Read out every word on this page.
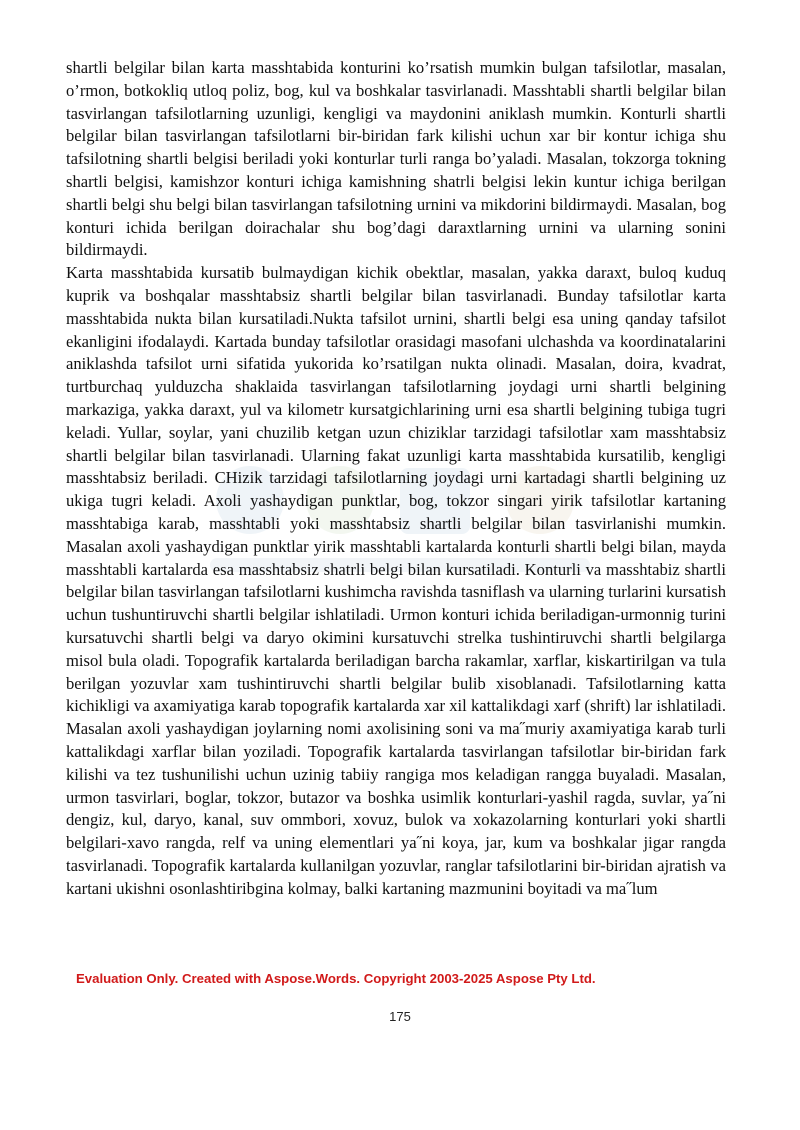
shartli belgilar bilan karta masshtabida konturini ko’rsatish mumkin bulgan tafsilotlar, masalan, o’rmon, botkokliq utloq poliz, bog, kul va boshkalar tasvirlanadi. Masshtabli shartli belgilar bilan tasvirlangan tafsilotlarning uzunligi, kengligi va maydonini aniklash mumkin. Konturli shartli belgilar bilan tasvirlangan tafsilotlarni bir-biridan fark kilishi uchun xar bir kontur ichiga shu tafsilotning shartli belgisi beriladi yoki konturlar turli ranga bo’yaladi. Masalan, tokzorga tokning shartli belgisi, kamishzor konturi ichiga kamishning shatrli belgisi lekin kuntur ichiga berilgan shartli belgi shu belgi bilan tasvirlangan tafsilotning urnini va mikdorini bildirmaydi. Masalan, bog konturi ichida berilgan doirachalar shu bog’dagi daraxtlarning urnini va ularning sonini bildirmaydi.

Karta masshtabida kursatib bulmaydigan kichik obektlar, masalan, yakka daraxt, buloq kuduq kuprik va boshqalar masshtabsiz shartli belgilar bilan tasvirlanadi. Bunday tafsilotlar karta masshtabida nukta bilan kursatiladi.Nukta tafsilot urnini, shartli belgi esa uning qanday tafsilot ekanligini ifodalaydi. Kartada bunday tafsilotlar orasidagi masofani ulchashda va koordinatalarini aniklashda tafsilot urni sifatida yukorida ko’rsatilgan nukta olinadi. Masalan, doira, kvadrat, turtburchaq yulduzcha shaklaida tasvirlangan tafsilotlarning joydagi urni shartli belgining markaziga, yakka daraxt, yul va kilometr kursatgichlarining urni esa shartli belgining tubiga tugri keladi. Yullar, soylar, yani chuzilib ketgan uzun chiziklar tarzidagi tafsilotlar xam masshtabsiz shartli belgilar bilan tasvirlanadi. Ularning fakat uzunligi karta masshtabida kursatilib, kengligi masshtabsiz beriladi. CHizik tarzidagi tafsilotlarning joydagi urni kartadagi shartli belgining uz ukiga tugri keladi. Axoli yashaydigan punktlar, bog, tokzor singari yirik tafsilotlar kartaning masshtabiga karab, masshtabli yoki masshtabsiz shartli belgilar bilan tasvirlanishi mumkin. Masalan axoli yashaydigan punktlar yirik masshtabli kartalarda konturli shartli belgi bilan, mayda masshtabli kartalarda esa masshtabsiz shatrli belgi bilan kursatiladi. Konturli va masshtabiz shartli belgilar bilan tasvirlangan tafsilotlarni kushimcha ravishda tasniflash va ularning turlarini kursatish uchun tushuntiruvchi shartli belgilar ishlatiladi. Urmon konturi ichida beriladigan-urmonnig turini kursatuvchi shartli belgi va daryo okimini kursatuvchi strelka tushintiruvchi shartli belgilarga misol bula oladi. Topografik kartalarda beriladigan barcha rakamlar, xarflar, kiskartirilgan va tula berilgan yozuvlar xam tushintiruvchi shartli belgilar bulib xisoblanadi. Tafsilotlarning katta kichikligi va axamiyatiga karab topografik kartalarda xar xil kattalikdagi xarf (shrift) lar ishlatiladi. Masalan axoli yashaydigan joylarning nomi axolisining soni va ma˝muriy axamiyatiga karab turli kattalikdagi xarflar bilan yoziladi. Topografik kartalarda tasvirlangan tafsilotlar bir-biridan fark kilishi va tez tushunilishi uchun uzinig tabiiy rangiga mos keladigan rangga buyaladi. Masalan, urmon tasvirlari, boglar, tokzor, butazor va boshka usimlik konturlari-yashil ragda, suvlar, ya˝ni dengiz, kul, daryo, kanal, suv ommbori, xovuz, bulok va xokazolarning konturlari yoki shartli belgilari-xavo rangda, relf va uning elementlari ya˝ni koya, jar, kum va boshkalar jigar rangda tasvirlanadi. Topografik kartalarda kullanilgan yozuvlar, ranglar tafsilotlarini bir-biridan ajratish va kartani ukishni osonlashtiribgina kolmay, balki kartaning mazmunini boyitadi va ma˝lum

Evaluation Only. Created with Aspose.Words. Copyright 2003-2025 Aspose Pty Ltd.
175
